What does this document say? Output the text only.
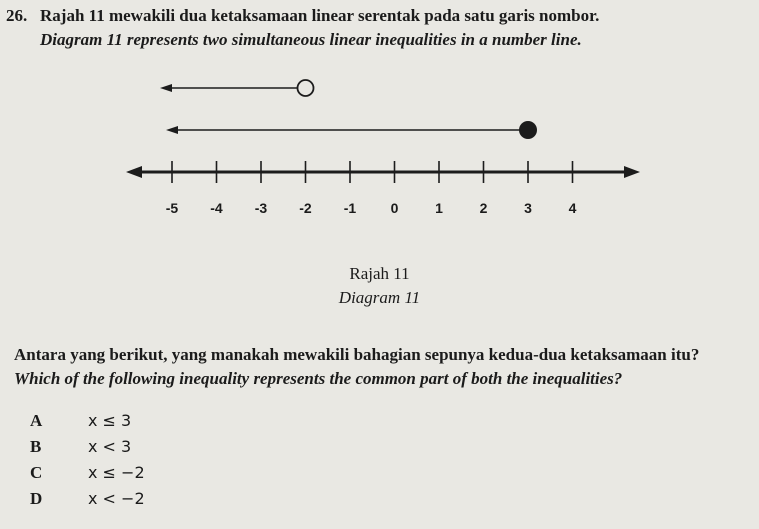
26. Rajah 11 mewakili dua ketaksamaan linear serentak pada satu garis nombor.
Diagram 11 represents two simultaneous linear inequalities in a number line.
-5 -4 -3 -2 -1 0	1	2	3	4
Rajah 11
Diagram 11
Antara yang berikut, yang manakah mewakili bahagian sepunya kedua-dua ketaksamaan itu?
Which of the following inequality represents the common part of both the inequalities?
A	x ≤ 3
B	x < 3
C	x ≤ −2
D	x < −2
